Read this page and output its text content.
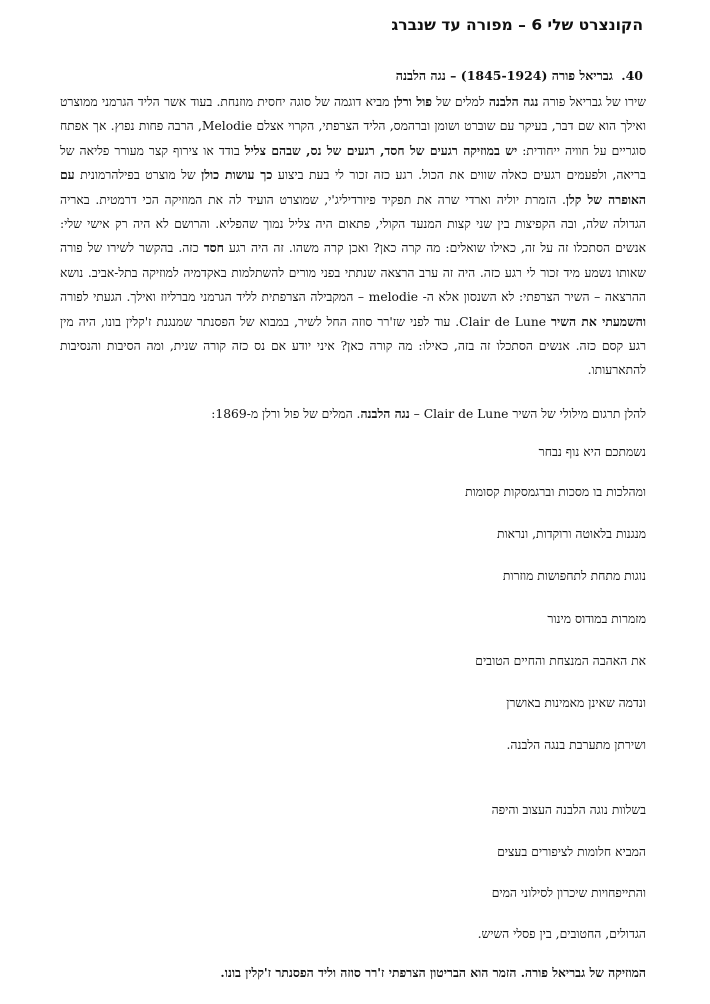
הקונצרט שלי 6 – מפורה עד שנברג
40. גבריאל פורה (1845-1924) – נגה הלבנה
שירו של גבריאל פורה נגה הלבנה למלים של פול ורלן מביא דוגמה של סוגה יחסית מוזנחת. בעוד אשר הליד הגרמני ממוצרט ואילך הוא שם דבר, בעיקר עם שוברט ושומן וברהמס, הליד הצרפתי, הקרוי אצלם Melodie, הרבה פחות נפוץ. אך אפתח סוגריים על חוויה ייחודית: יש במוזיקה רגעים של חסד, רגעים של נס, שבהם צליל בודד או צירוף קצר מעורר פליאה של בריאה, ולפעמים רגעים כאלה שווים את הכול. רגע כזה זכור לי בעת ביצוע כך עושות כולן של מוצרט בפילהרמונית עם האופרה של קלן. הזמרת יוליה וארדי שרה את תפקיד פיורדיליג'י, שמוצרט הועיד לה את המוזיקה הכי דרמטית. באריה הגדולה שלה, ובה הקפיצות בין שני קצות המנעד הקולי, פתאום היה צליל נמוך שהפליא. והרושם לא היה רק אישי שלי: אנשים הסתכלו זה על זה, כאילו שואלים: מה קרה כאן? ואכן קרה משהו. זה היה רגע חסד כזה. בהקשר לשירו של פורה שאותו נשמע מיד זכור לי רגע כזה. היה זה ערב הרצאה שנתתי בפני מורים להשתלמות באקדמיה למוזיקה בתל-אביב. נושא ההרצאה – השיר הצרפתי: לא השנסון אלא ה- melodie – המקבילה הצרפתית לליד הגרמני מברליוז ואילך. הגעתי לפורה והשמעתי את השיר Clair de Lune. עוד לפני שז'רר סוזה החל לשיר, במבוא של הפסנתר שמנגנת ז'קלין בונו, היה מין רגע קסם כזה. אנשים הסתכלו זה בזה, כאילו: מה קורה כאן? איני יודע אם נס כזה קורה שנית, ומה הסיבות והנסיבות להתארעותו.
להלן תרגום מילולי של השיר Clair de Lune – נגה הלבנה. המלים של פול ורלן מ-1869:
נשמתכם היא נוף נבחר
ומהלכות בו מסכות וברגמסקות קסומות
מנגנות בלאוטה ורוקדות, ונראות
נוגות מתחת לתחפושות מוזרות
מזמרות במודוס מינור
את האהבה המנצחת והחיים הטובים
ונדמה שאינן מאמינות באושרן
ושירתן מתערבת בנגה הלבנה.
בשלוות נוגה הלבנה העצוב והיפה
המביא חלומות לציפורים בעצים
והתייפחויות שיכרון לסילוני המים
הגדולים, החטובים, בין פסלי השיש.
המוזיקה של גבריאל פורה. הזמר הוא הבריטון הצרפתי ז'רר סוזה וליד הפסנתר ז'קלין בונו.
